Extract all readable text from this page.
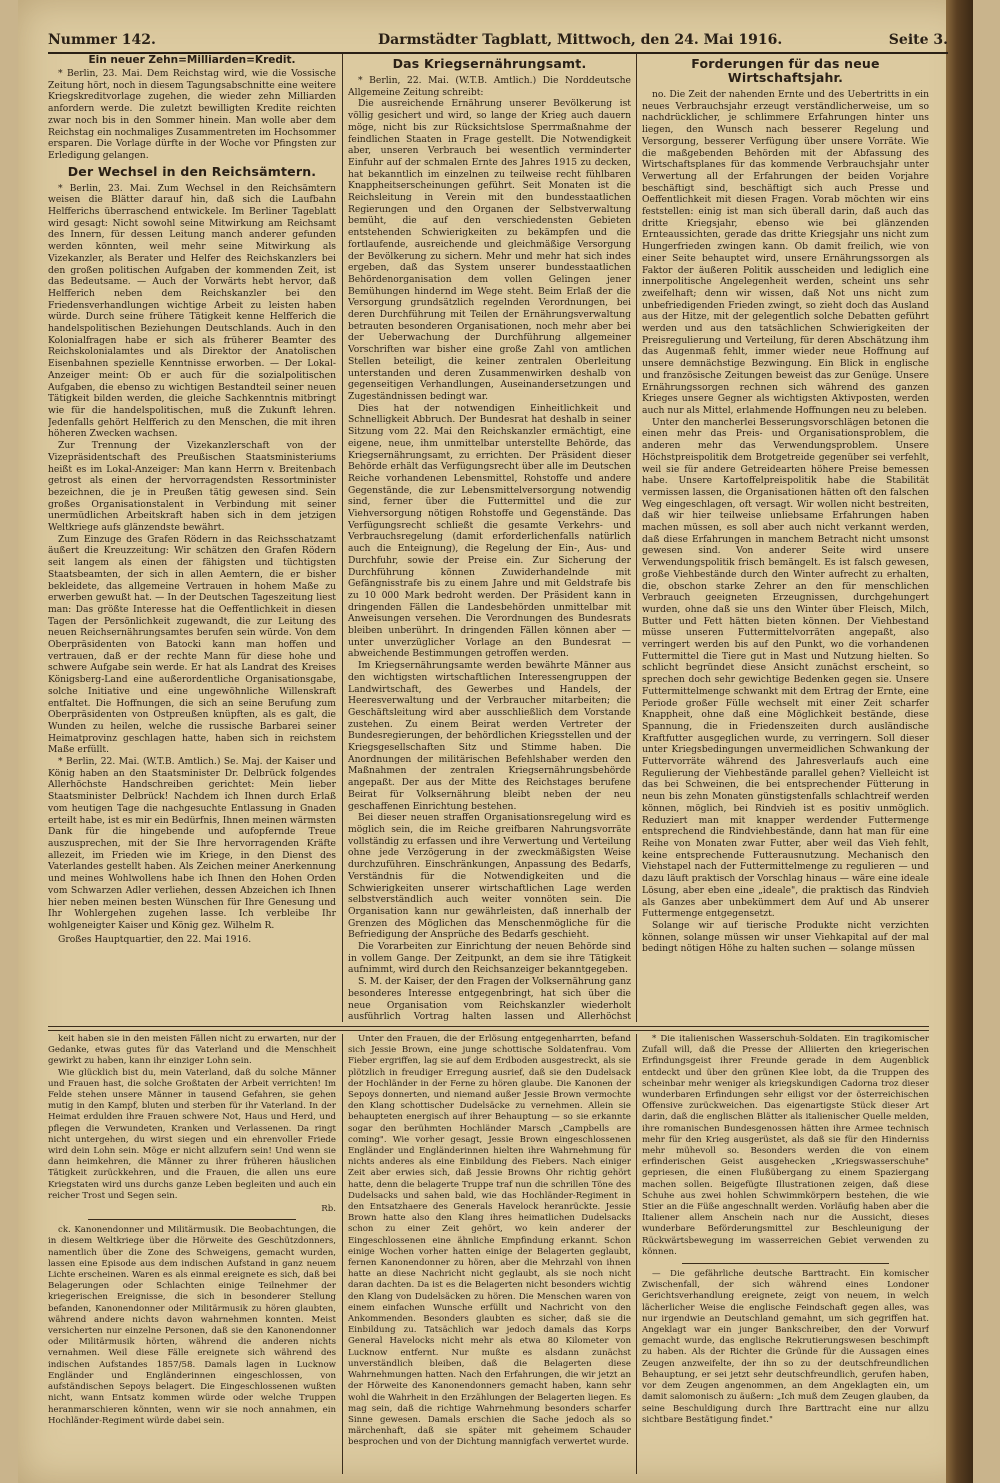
Nummer 142.	Darmstädter Tagblatt, Mittwoch, den 24. Mai 1916.	Seite 3.
Ein neuer Zehn=Milliarden=Kredit.

* Berlin, 23. Mai. Dem Reichstag wird, wie die Vossische Zeitung hört, noch in diesem Tagungsabschnitte eine weitere Kriegskreditvorlage zugehen, die wieder zehn Milliarden anfordern werde. Die zuletzt bewilligten Kredite reichten zwar noch bis in den Sommer hinein. Man wolle aber dem Reichstag ein nochmaliges Zusammentreten im Hochsommer ersparen. Die Vorlage dürfte in der Woche vor Pfingsten zur Erledigung gelangen.

Der Wechsel in den Reichsämtern.

* Berlin, 23. Mai. Zum Wechsel in den Reichsämtern weisen die Blätter darauf hin, daß sich die Laufbahn Helfferichs überraschend entwickele. Im Berliner Tageblatt wird gesagt: Nicht sowohl seine Mitwirkung am Reichsamt des Innern, für dessen Leitung manch anderer gefunden werden könnten, weil mehr seine Mitwirkung als Vizekanzler, als Berater und Helfer des Reichskanzlers bei den großen politischen Aufgaben der kommenden Zeit, ist das Bedeutsame. — Auch der Vorwärts hebt hervor, daß Helfferich neben dem Reichskanzler bei den Friedensverhandlungen wichtige Arbeit zu leisten haben würde. Durch seine frühere Tätigkeit kenne Helfferich die handelspolitischen Beziehungen Deutschlands. Auch in den Kolonialfragen habe er sich als früherer Beamter des Reichskolonialamtes und als Direktor der Anatolischen Eisenbahnen spezielle Kenntnisse erworben. — Der Lokal-Anzeiger meint: Ob er auch für die sozialpolitischen Aufgaben, die ebenso zu wichtigen Bestandteil seiner neuen Tätigkeit bilden werden, die gleiche Sachkenntnis mitbringt wie für die handelspolitischen, muß die Zukunft lehren. Jedenfalls gehört Helfferich zu den Menschen, die mit ihren höheren Zwecken wachsen.

Zur Trennung der Vizekanzlerschaft von der Vizepräsidentschaft des Preußischen Staatsministeriums heißt es im Lokal-Anzeiger: Man kann Herrn v. Breitenbach getrost als einen der hervorragendsten Ressortminister bezeichnen, die je in Preußen tätig gewesen sind. Sein großes Organisationstalent in Verbindung mit seiner unermüdlichen Arbeitskraft haben sich in dem jetzigen Weltkriege aufs glänzendste bewährt.

Zum Einzuge des Grafen Rödern in das Reichsschatzamt äußert die Kreuzzeitung: Wir schätzen den Grafen Rödern seit langem als einen der fähigsten und tüchtigsten Staatsbeamten, der sich in allen Aemtern, die er bisher bekleidete, das allgemeine Vertrauen in hohem Maße zu erwerben gewußt hat. — In der Deutschen Tageszeitung liest man: Das größte Interesse hat die Oeffentlichkeit in diesen Tagen der Persönlichkeit zugewandt, die zur Leitung des neuen Reichsernährungsamtes berufen sein würde. Von dem Oberpräsidenten von Batocki kann man hoffen und vertrauen, daß er der rechte Mann für diese hohe und schwere Aufgabe sein werde. Er hat als Landrat des Kreises Königsberg-Land eine außerordentliche Organisationsgabe, solche Initiative und eine ungewöhnliche Willenskraft entfaltet. Die Hoffnungen, die sich an seine Berufung zum Oberpräsidenten von Ostpreußen knüpften, als es galt, die Wunden zu heilen, welche die russische Barbarei seiner Heimatprovinz geschlagen hatte, haben sich in reichstem Maße erfüllt.

* Berlin, 22. Mai. (W.T.B. Amtlich.) Se. Maj. der Kaiser und König haben an den Staatsminister Dr. Delbrück folgendes Allerhöchste Handschreiben gerichtet: Mein lieber Staatsminister Delbrück! Nachdem ich Ihnen durch Erlaß vom heutigen Tage die nachgesuchte Entlassung in Gnaden erteilt habe, ist es mir ein Bedürfnis, Ihnen meinen wärmsten Dank für die hingebende und aufopfernde Treue auszusprechen, mit der Sie Ihre hervorragenden Kräfte allezeit, im Frieden wie im Kriege, in den Dienst des Vaterlandes gestellt haben. Als Zeichen meiner Anerkennung und meines Wohlwollens habe ich Ihnen den Hohen Orden vom Schwarzen Adler verliehen, dessen Abzeichen ich Ihnen hier neben meinen besten Wünschen für Ihre Genesung und Ihr Wohlergehen zugehen lasse. Ich verbleibe Ihr wohlgeneigter Kaiser und König gez. Wilhelm R.

Großes Hauptquartier, den 22. Mai 1916.

Das Kriegsernährungsamt.

* Berlin, 22. Mai. (W.T.B. Amtlich.) Die Norddeutsche Allgemeine Zeitung schreibt:

Die ausreichende Ernährung unserer Bevölkerung ist völlig gesichert und wird, so lange der Krieg auch dauern möge, nicht bis zur Rücksichtslose Sperrmaßnahme der feindlichen Staaten in Frage gestellt. Die Notwendigkeit aber, unseren Verbrauch bei wesentlich verminderter Einfuhr auf der schmalen Ernte des Jahres 1915 zu decken, hat bekanntlich im einzelnen zu teilweise recht fühlbaren Knappheitserscheinungen geführt. Seit Monaten ist die Reichsleitung in Verein mit den bundesstaatlichen Regierungen und den Organen der Selbstverwaltung bemüht, die auf den verschiedensten Gebieten entstehenden Schwierigkeiten zu bekämpfen und die fortlaufende, ausreichende und gleichmäßige Versorgung der Bevölkerung zu sichern. Mehr und mehr hat sich indes ergeben, daß das System unserer bundesstaatlichen Behördenorganisation dem vollen Gelingen jener Bemühungen hindernd im Wege steht. Beim Erlaß der die Versorgung grundsätzlich regelnden Verordnungen, bei deren Durchführung mit Teilen der Ernährungsverwaltung betrauten besonderen Organisationen, noch mehr aber bei der Ueberwachung der Durchführung allgemeiner Vorschriften war bisher eine große Zahl von amtlichen Stellen beteiligt, die keiner zentralen Oberleitung unterstanden und deren Zusammenwirken deshalb von gegenseitigen Verhandlungen, Auseinandersetzungen und Zugeständnissen bedingt war.

Dies hat der notwendigen Einheitlichkeit und Schnelligkeit Abbruch. Der Bundesrat hat deshalb in seiner Sitzung vom 22. Mai den Reichskanzler ermächtigt, eine eigene, neue, ihm unmittelbar unterstellte Behörde, das Kriegsernährungsamt, zu errichten. Der Präsident dieser Behörde erhält das Verfügungsrecht über alle im Deutschen Reiche vorhandenen Lebensmittel, Rohstoffe und andere Gegenstände, die zur Lebensmittelversorgung notwendig sind, ferner über die Futtermittel und die zur Viehversorgung nötigen Rohstoffe und Gegenstände. Das Verfügungsrecht schließt die gesamte Verkehrs- und Verbrauchsregelung (damit erforderlichenfalls natürlich auch die Enteignung), die Regelung der Ein-, Aus- und Durchfuhr, sowie der Preise ein. Zur Sicherung der Durchführung können Zuwiderhandelnde mit Gefängnisstrafe bis zu einem Jahre und mit Geldstrafe bis zu 10 000 Mark bedroht werden. Der Präsident kann in dringenden Fällen die Landesbehörden unmittelbar mit Anweisungen versehen. Die Verordnungen des Bundesrats bleiben unberührt. In dringenden Fällen können aber — unter unverzüglicher Vorlage an den Bundesrat — abweichende Bestimmungen getroffen werden.

Im Kriegsernährungsamte werden bewährte Männer aus den wichtigsten wirtschaftlichen Interessengruppen der Landwirtschaft, des Gewerbes und Handels, der Heeresverwaltung und der Verbraucher mitarbeiten; die Geschäftsleitung wird aber ausschließlich dem Vorstande zustehen. Zu einem Beirat werden Vertreter der Bundesregierungen, der behördlichen Kriegsstellen und der Kriegsgesellschaften Sitz und Stimme haben. Die Anordnungen der militärischen Befehlshaber werden den Maßnahmen der zentralen Kriegsernährungsbehörde angepaßt. Der aus der Mitte des Reichstages berufene Beirat für Volksernährung bleibt neben der neu geschaffenen Einrichtung bestehen.

Bei dieser neuen straffen Organisationsregelung wird es möglich sein, die im Reiche greifbaren Nahrungsvorräte vollständig zu erfassen und ihre Verwertung und Verteilung ohne jede Verzögerung in der zweckmäßigsten Weise durchzuführen. Einschränkungen, Anpassung des Bedarfs, Verständnis für die Notwendigkeiten und die Schwierigkeiten unserer wirtschaftlichen Lage werden selbstverständlich auch weiter vonnöten sein. Die Organisation kann nur gewährleisten, daß innerhalb der Grenzen des Möglichen das Menschenmögliche für die Befriedigung der Ansprüche des Bedarfs geschieht.

Die Vorarbeiten zur Einrichtung der neuen Behörde sind in vollem Gange. Der Zeitpunkt, an dem sie ihre Tätigkeit aufnimmt, wird durch den Reichsanzeiger bekanntgegeben.

S. M. der Kaiser, der den Fragen der Volksernährung ganz besonderes Interesse entgegenbringt, hat sich über die neue Organisation vom Reichskanzler wiederholt ausführlich Vortrag halten lassen und Allerhöchst

Forderungen für das neue Wirtschaftsjahr.

no. Die Zeit der nahenden Ernte und des Uebertritts in ein neues Verbrauchsjahr erzeugt verständlicherweise, um so nachdrücklicher, je schlimmere Erfahrungen hinter uns liegen, den Wunsch nach besserer Regelung und Versorgung, besserer Verfügung über unsere Vorräte. Wie die maßgebenden Behörden mit der Abfassung des Wirtschaftsplanes für das kommende Verbrauchsjahr unter Verwertung all der Erfahrungen der beiden Vorjahre beschäftigt sind, beschäftigt sich auch Presse und Oeffentlichkeit mit diesen Fragen. Vorab möchten wir eins feststellen: einig ist man sich überall darin, daß auch das dritte Kriegsjahr, ebenso wie bei glänzenden Ernteaussichten, gerade das dritte Kriegsjahr uns nicht zum Hungerfrieden zwingen kann. Ob damit freilich, wie von einer Seite behauptet wird, unsere Ernährungssorgen als Faktor der äußeren Politik ausscheiden und lediglich eine innerpolitische Angelegenheit werden, scheint uns sehr zweifelhaft; denn wir wissen, daß Not uns nicht zum unbefriedigenden Frieden zwingt, so zieht doch das Ausland aus der Hitze, mit der gelegentlich solche Debatten geführt werden und aus den tatsächlichen Schwierigkeiten der Preisregulierung und Verteilung, für deren Abschätzung ihm das Augenmaß fehlt, immer wieder neue Hoffnung auf unsere demnächstige Bezwingung. Ein Blick in englische und französische Zeitungen beweist das zur Genüge. Unsere Ernährungssorgen rechnen sich während des ganzen Krieges unsere Gegner als wichtigsten Aktivposten, werden auch nur als Mittel, erlahmende Hoffnungen neu zu beleben.

Unter den mancherlei Besserungsvorschlägen betonen die einen mehr das Preis- und Organisationsproblem, die anderen mehr das Verwendungsproblem. Unsere Höchstpreispolitik dem Brotgetreide gegenüber sei verfehlt, weil sie für andere Getreidearten höhere Preise bemessen habe. Unsere Kartoffelpreispolitik habe die Stabilität vermissen lassen, die Organisationen hätten oft den falschen Weg eingeschlagen, oft versagt. Wir wollen nicht bestreiten, daß wir hier teilweise unliebsame Erfahrungen haben machen müssen, es soll aber auch nicht verkannt werden, daß diese Erfahrungen in manchem Betracht nicht umsonst gewesen sind. Von anderer Seite wird unsere Verwendungspolitik frisch bemängelt. Es ist falsch gewesen, große Viehbestände durch den Winter aufrecht zu erhalten, die, obschon starke Zehrer an den für menschlichen Verbrauch geeigneten Erzeugnissen, durchgehungert wurden, ohne daß sie uns den Winter über Fleisch, Milch, Butter und Fett hätten bieten können. Der Viehbestand müsse unseren Futtermittelvorräten angepaßt, also verringert werden bis auf den Punkt, wo die vorhandenen Futtermittel die Tiere gut in Mast und Nutzung hielten. So schlicht begründet diese Ansicht zunächst erscheint, so sprechen doch sehr gewichtige Bedenken gegen sie. Unsere Futtermittelmenge schwankt mit dem Ertrag der Ernte, eine Periode großer Fülle wechselt mit einer Zeit scharfer Knappheit, ohne daß eine Möglichkeit bestände, diese Spannung, die in Friedenszeiten durch ausländische Kraftfutter ausgeglichen wurde, zu verringern. Soll dieser unter Kriegsbedingungen unvermeidlichen Schwankung der Futtervorräte während des Jahresverlaufs auch eine Regulierung der Viehbestände parallel gehen? Vielleicht ist das bei Schweinen, die bei entsprechender Fütterung in neun bis zehn Monaten günstigstenfalls schlachtreif werden können, möglich, bei Rindvieh ist es positiv unmöglich. Reduziert man mit knapper werdender Futtermenge entsprechend die Rindviehbestände, dann hat man für eine Reihe von Monaten zwar Futter, aber weil das Vieh fehlt, keine entsprechende Futterausnutzung. Mechanisch den Viehstapel nach der Futtermittelmenge zu regulieren — und dazu läuft praktisch der Vorschlag hinaus — wäre eine ideale Lösung, aber eben eine „ideale", die praktisch das Rindvieh als Ganzes aber unbekümmert dem Auf und Ab unserer Futtermenge entgegensetzt.

Solange wir auf tierische Produkte nicht verzichten können, solange müssen wir unser Viehkapital auf der mal bedingt nötigen Höhe zu halten suchen — solange müssen

keit haben sie in den meisten Fällen nicht zu erwarten, nur der Gedanke, etwas gutes für das Vaterland und die Menschheit gewirkt zu haben, kann ihr einziger Lohn sein.

Wie glücklich bist du, mein Vaterland, daß du solche Männer und Frauen hast, die solche Großtaten der Arbeit verrichten! Im Felde stehen unsere Männer in tausend Gefahren, sie gehen mutig in den Kampf, bluten und sterben für ihr Vaterland. In der Heimat erdulden ihre Frauen schwere Not, Haus und Herd, und pflegen die Verwundeten, Kranken und Verlassenen. Da ringt nicht untergehen, du wirst siegen und ein ehrenvoller Friede wird dein Lohn sein. Möge er nicht allzufern sein! Und wenn sie dann heimkehren, die Männer zu ihrer früheren häuslichen Tätigkeit zurückkehren, und die Frauen, die allen uns eure Kriegstaten wird uns durchs ganze Leben begleiten und auch ein reicher Trost und Segen sein.

Rb.

ck. Kanonendonner und Militärmusik. Die Beobachtungen, die in diesem Weltkriege über die Hörweite des Geschützdonners, namentlich über die Zone des Schweigens, gemacht wurden, lassen eine Episode aus dem indischen Aufstand in ganz neuem Lichte erscheinen. Waren es als einmal ereignete es sich, daß bei Belagerungen oder Schlachten einige Teilnehmer der kriegerischen Ereignisse, die sich in besonderer Stellung befanden, Kanonendonner oder Militärmusik zu hören glaubten, während andere nichts davon wahrnehmen konnten. Meist versicherten nur einzelne Personen, daß sie den Kanonendonner oder Militärmusik hörten, während die anderen nichts vernahmen. Weil diese Fälle ereignete sich während des indischen Aufstandes 1857/58. Damals lagen in Lucknow Engländer und Engländerinnen eingeschlossen, von aufständischen Sepoys belagert. Die Eingeschlossenen wußten nicht, wann Entsatz kommen würde oder welche Truppen heranmarschieren könnten, wenn wir sie noch annahmen, ein Hochländer-Regiment würde dabei sein.

Unter den Frauen, die der Erlösung entgegenharrten, befand sich Jessie Brown, eine junge schottische Soldatenfrau. Vom Fieber ergriffen, lag sie auf dem Erdboden ausgestreckt, als sie plötzlich in freudiger Erregung ausrief, daß sie den Dudelsack der Hochländer in der Ferne zu hören glaube. Die Kanonen der Sepoys donnerten, und niemand außer Jessie Brown vermochte den Klang schottischer Dudelsäcke zu vernehmen. Allein sie behaupteten energisch auf ihrer Behauptung — so sie erkannte sogar den berühmten Hochländer Marsch „Campbells are coming". Wie vorher gesagt, Jessie Brown eingeschlossenen Engländer und Engländerinnen hielten ihre Wahrnehmung für nichts anderes als eine Einbildung des Fiebers. Nach einiger Zeit aber erwies sich, daß Jessie Browns Ohr richtig gehört hatte, denn die belagerte Truppe traf nun die schrillen Töne des Dudelsacks und sahen bald, wie das Hochländer-Regiment in den Entsatzhaere des Generals Havelock heranrückte. Jessie Brown hatte also den Klang ihres heimatlichen Dudelsacks schon zu einer Zeit gehört, wo kein anderer der Eingeschlossenen eine ähnliche Empfindung erkannt. Schon einige Wochen vorher hatten einige der Belagerten geglaubt, fernen Kanonendonner zu hören, aber die Mehrzahl von ihnen hatte an diese Nachricht nicht geglaubt, als sie noch nicht daran dachten. Da ist es die Belagerten nicht besonders wichtig den Klang von Dudelsäcken zu hören. Die Menschen waren von einem einfachen Wunsche erfüllt und Nachricht von den Ankommenden. Besonders glaubten es sicher, daß sie die Einbildung zu. Tatsächlich war jedoch damals das Korps General Havelocks nicht mehr als etwa 80 Kilometer von Lucknow entfernt. Nur mußte es alsdann zunächst unverständlich bleiben, daß die Belagerten diese Wahrnehmungen hatten. Nach den Erfahrungen, die wir jetzt an der Hörweite des Kanonendonners gemacht haben, kann sehr wohl die Wahrheit in den Erzählungen der Belagerten liegen. Es mag sein, daß die richtige Wahrnehmung besonders scharfer Sinne gewesen. Damals erschien die Sache jedoch als so märchenhaft, daß sie später mit geheimem Schauder besprochen und von der Dichtung mannigfach verwertet wurde.

* Die italienischen Wasserschuh-Soldaten. Ein tragikomischer Zufall will, daß die Presse der Alliierten den kriegerischen Erfindungsgeist ihrer Freunde gerade in dem Augenblick entdeckt und über den grünen Klee lobt, da die Truppen des scheinbar mehr weniger als kriegskundigen Cadorna troz dieser wunderbaren Erfindungen sehr eiligst vor der österreichischen Offensive zurückweichen. Das eigenartigste Stück dieser Art darin, daß die englischen Blätter als italienischer Quelle melden, ihre romanischen Bundesgenossen hätten ihre Armee technisch mehr für den Krieg ausgerüstet, als daß sie für den Hinderniss mehr mühevoll so. Besonders werden die von einem erfinderischen Geist ausgehecken „Kriegswasserschuhe" gepriesen, die einen Flußübergang zu einem Spaziergang machen sollen. Beigefügte Illustrationen zeigen, daß diese Schuhe aus zwei hohlen Schwimmkörpern bestehen, die wie Stier an die Füße angeschnallt werden. Vorläufig haben aber die Italiener allem Anschein nach nur die Aussicht, dieses wunderbare Beförderungsmittel zur Beschleunigung der Rückwärtsbewegung im wasserreichen Gebiet verwenden zu können.

— Die gefährliche deutsche Barttracht. Ein komischer Zwischenfall, der sich während eines Londoner Gerichtsverhandlung ereignete, zeigt von neuem, in welch lächerlicher Weise die englische Feindschaft gegen alles, was nur irgendwie an Deutschland gemahnt, um sich gegriffen hat. Angeklagt war ein junger Bankschreiber, den der Vorwurf gemacht wurde, das englische Rekrutierungswesen beschimpft zu haben. Als der Richter die Gründe für die Aussagen eines Zeugen anzweifelte, der ihn so zu der deutschfreundlichen Behauptung, er sei jetzt sehr deutschfreundlich, gerufen haben, vor dem Zeugen angenommen, an dem Angeklagten ein, um damit salomonisch zu äußern: „Ich muß dem Zeugen glauben, da seine Beschuldigung durch Ihre Barttracht eine nur allzu sichtbare Bestätigung findet."
